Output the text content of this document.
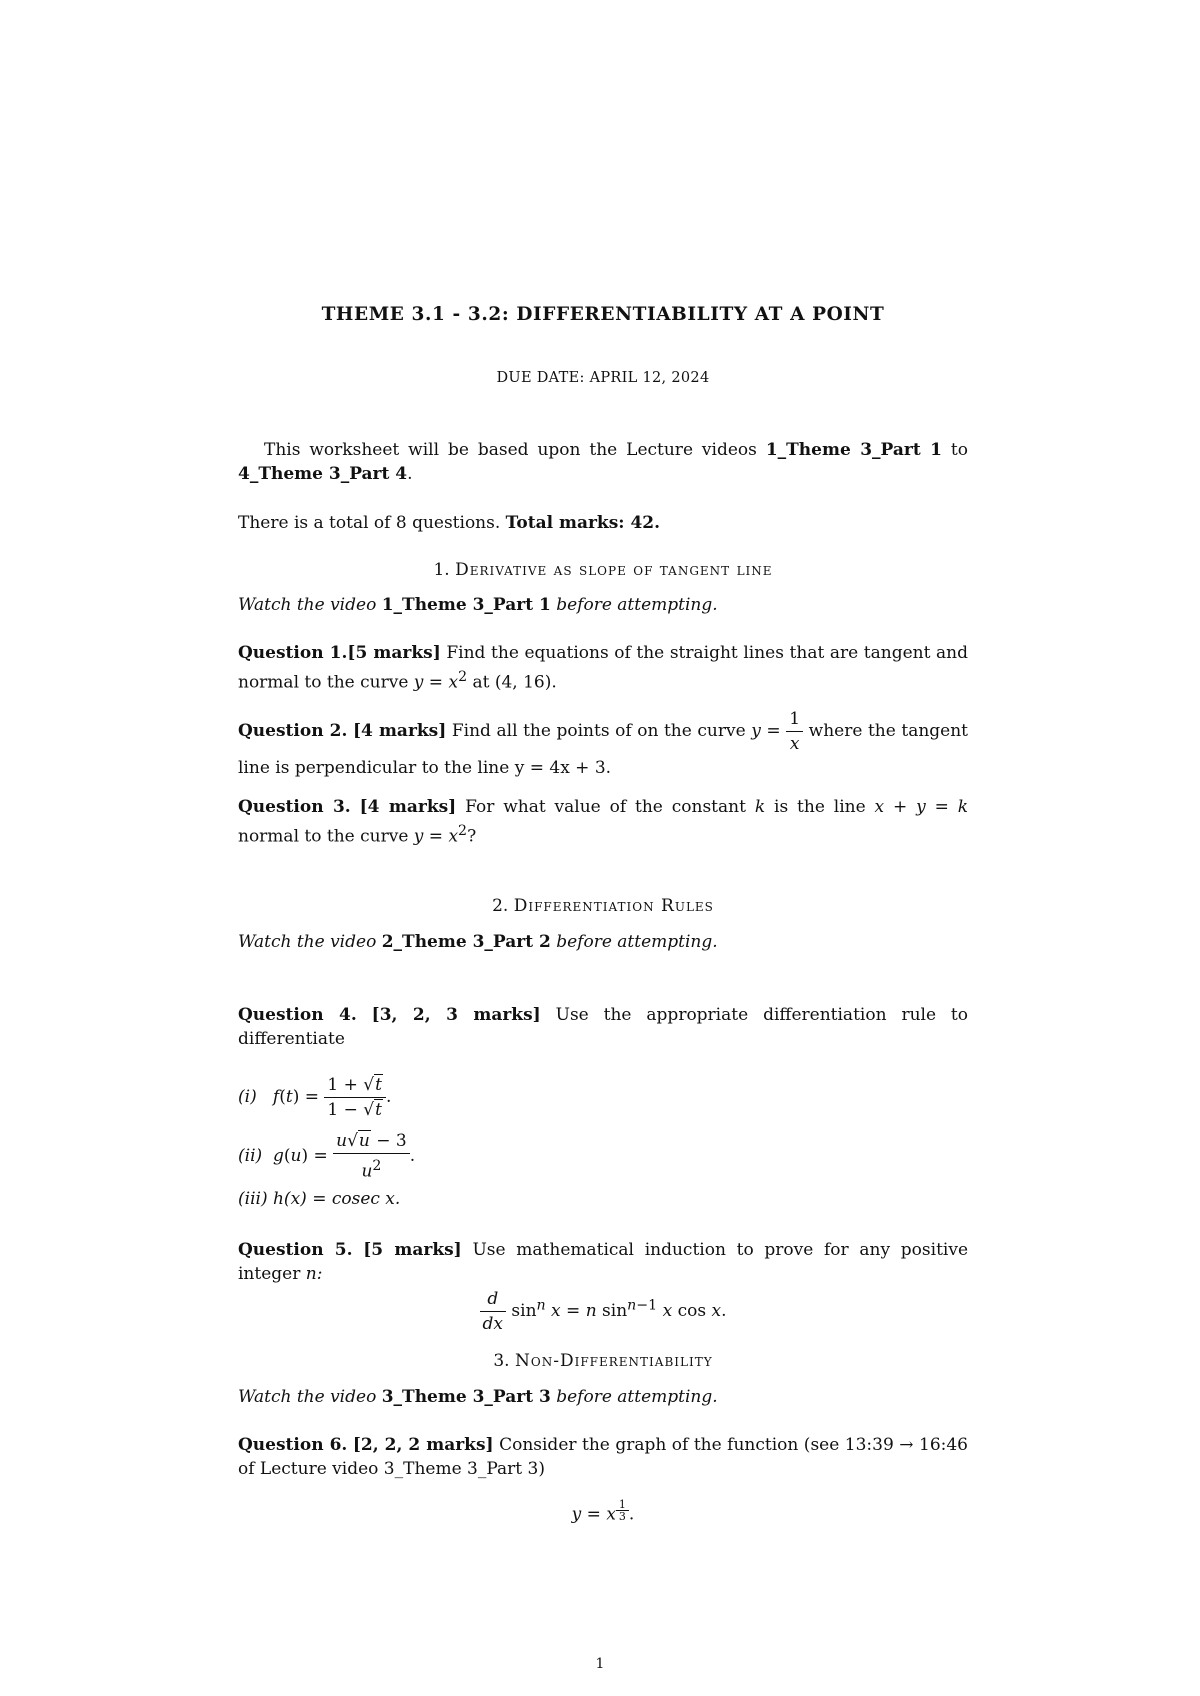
THEME 3.1 - 3.2: DIFFERENTIABILITY AT A POINT
DUE DATE: APRIL 12, 2024
This worksheet will be based upon the Lecture videos 1_Theme 3_Part 1 to 4_Theme 3_Part 4.
There is a total of 8 questions. Total marks: 42.
1. Derivative as slope of tangent line
Watch the video 1_Theme 3_Part 1 before attempting.
Question 1.[5 marks] Find the equations of the straight lines that are tangent and normal to the curve $y = x^2$ at (4, 16).
Question 2. [4 marks] Find all the points of on the curve $y = \frac{1}{x}$ where the tangent line is perpendicular to the line y = 4x + 3.
Question 3. [4 marks] For what value of the constant k is the line x + y = k normal to the curve $y = x^2$?
2. Differentiation Rules
Watch the video 2_Theme 3_Part 2 before attempting.
Question 4. [3, 2, 3 marks] Use the appropriate differentiation rule to differentiate
(i) $f(t) = \frac{1 + √t}{1 - √t}$ .
(ii) $g(u) = \frac{u√u - 3}{u^2}$ .
(iii) h(x) = cosec x.
Question 5. [5 marks] Use mathematical induction to prove for any positive integer n:
$\frac{d}{dx} \sin^n x = n$ $\sin^{n-1} x$ cos x.
3. Non-Differentiability
Watch the video 3_Theme 3_Part 3 before attempting.
Question 6. [2, 2, 2 marks] Consider the graph of the function (see 13:39 → 16:46 of Lecture video 3_Theme 3_Part 3)
y = x $^{\frac{1}{3}}$ .
1
